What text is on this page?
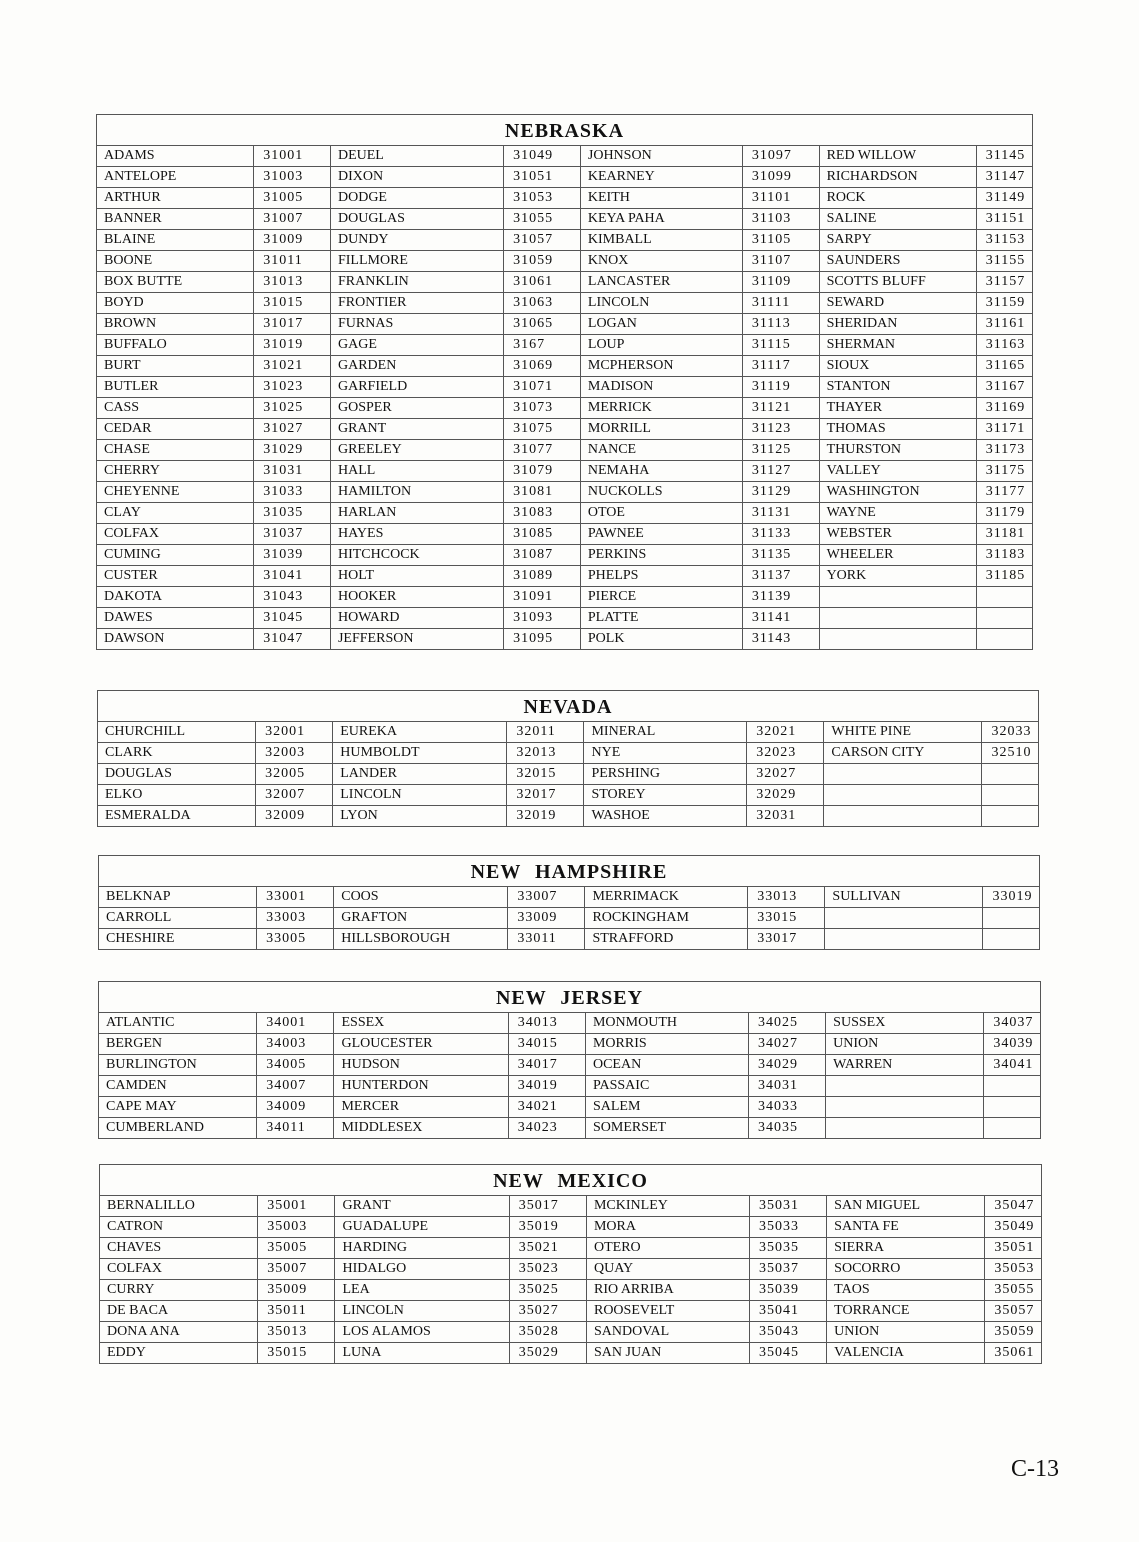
NEBRASKA							
ADAMS	31001	DEUEL	31049	JOHNSON	31097	RED WILLOW	31145
ANTELOPE	31003	DIXON	31051	KEARNEY	31099	RICHARDSON	31147
ARTHUR	31005	DODGE	31053	KEITH	31101	ROCK	31149
BANNER	31007	DOUGLAS	31055	KEYA PAHA	31103	SALINE	31151
BLAINE	31009	DUNDY	31057	KIMBALL	31105	SARPY	31153
BOONE	31011	FILLMORE	31059	KNOX	31107	SAUNDERS	31155
BOX BUTTE	31013	FRANKLIN	31061	LANCASTER	31109	SCOTTS BLUFF	31157
BOYD	31015	FRONTIER	31063	LINCOLN	31111	SEWARD	31159
BROWN	31017	FURNAS	31065	LOGAN	31113	SHERIDAN	31161
BUFFALO	31019	GAGE	3167	LOUP	31115	SHERMAN	31163
BURT	31021	GARDEN	31069	MCPHERSON	31117	SIOUX	31165
BUTLER	31023	GARFIELD	31071	MADISON	31119	STANTON	31167
CASS	31025	GOSPER	31073	MERRICK	31121	THAYER	31169
CEDAR	31027	GRANT	31075	MORRILL	31123	THOMAS	31171
CHASE	31029	GREELEY	31077	NANCE	31125	THURSTON	31173
CHERRY	31031	HALL	31079	NEMAHA	31127	VALLEY	31175
CHEYENNE	31033	HAMILTON	31081	NUCKOLLS	31129	WASHINGTON	31177
CLAY	31035	HARLAN	31083	OTOE	31131	WAYNE	31179
COLFAX	31037	HAYES	31085	PAWNEE	31133	WEBSTER	31181
CUMING	31039	HITCHCOCK	31087	PERKINS	31135	WHEELER	31183
CUSTER	31041	HOLT	31089	PHELPS	31137	YORK	31185
DAKOTA	31043	HOOKER	31091	PIERCE	31139		
DAWES	31045	HOWARD	31093	PLATTE	31141		
DAWSON	31047	JEFFERSON	31095	POLK	31143		
NEVADA							
CHURCHILL	32001	EUREKA	32011	MINERAL	32021	WHITE PINE	32033
CLARK	32003	HUMBOLDT	32013	NYE	32023	CARSON CITY	32510
DOUGLAS	32005	LANDER	32015	PERSHING	32027		
ELKO	32007	LINCOLN	32017	STOREY	32029		
ESMERALDA	32009	LYON	32019	WASHOE	32031		
NEW HAMPSHIRE							
BELKNAP	33001	COOS	33007	MERRIMACK	33013	SULLIVAN	33019
CARROLL	33003	GRAFTON	33009	ROCKINGHAM	33015		
CHESHIRE	33005	HILLSBOROUGH	33011	STRAFFORD	33017		
NEW JERSEY							
ATLANTIC	34001	ESSEX	34013	MONMOUTH	34025	SUSSEX	34037
BERGEN	34003	GLOUCESTER	34015	MORRIS	34027	UNION	34039
BURLINGTON	34005	HUDSON	34017	OCEAN	34029	WARREN	34041
CAMDEN	34007	HUNTERDON	34019	PASSAIC	34031		
CAPE MAY	34009	MERCER	34021	SALEM	34033		
CUMBERLAND	34011	MIDDLESEX	34023	SOMERSET	34035		
NEW MEXICO							
BERNALILLO	35001	GRANT	35017	MCKINLEY	35031	SAN MIGUEL	35047
CATRON	35003	GUADALUPE	35019	MORA	35033	SANTA FE	35049
CHAVES	35005	HARDING	35021	OTERO	35035	SIERRA	35051
COLFAX	35007	HIDALGO	35023	QUAY	35037	SOCORRO	35053
CURRY	35009	LEA	35025	RIO ARRIBA	35039	TAOS	35055
DE BACA	35011	LINCOLN	35027	ROOSEVELT	35041	TORRANCE	35057
DONA ANA	35013	LOS ALAMOS	35028	SANDOVAL	35043	UNION	35059
EDDY	35015	LUNA	35029	SAN JUAN	35045	VALENCIA	35061
C-13
